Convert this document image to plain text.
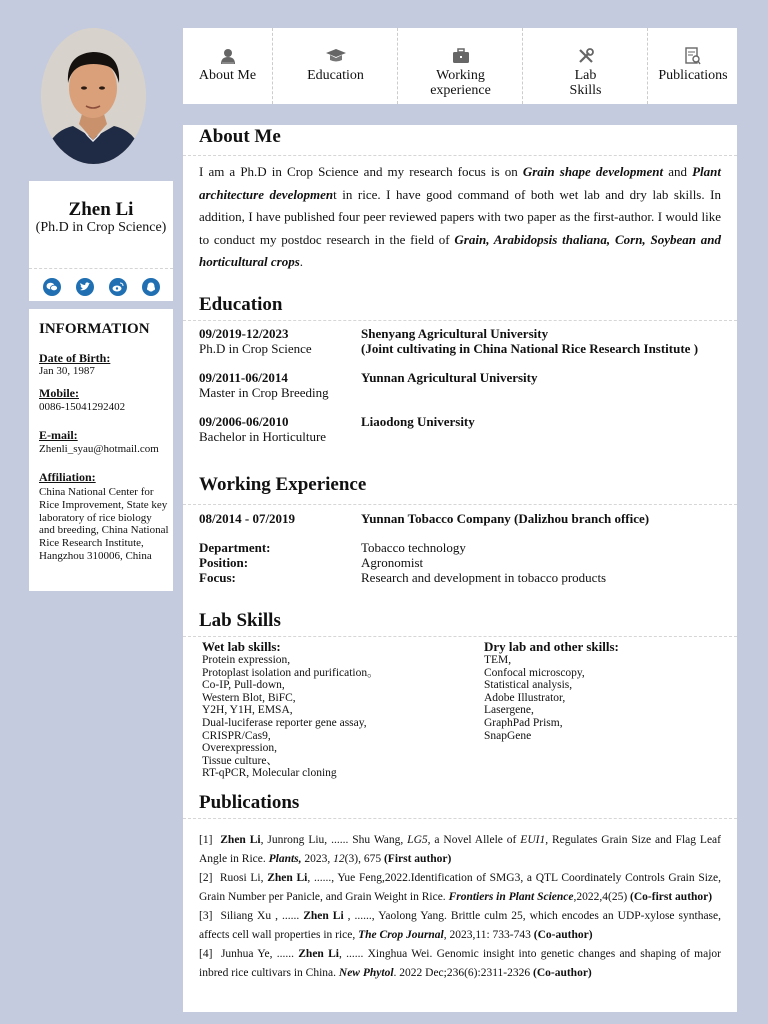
Zhen Li
(Ph.D in Crop Science)
INFORMATION
Date of Birth:
Jan 30, 1987
Mobile:
0086-15041292402
E-mail:
Zhenli_syau@hotmail.com
Affiliation:
China National Center for Rice Improvement, State key laboratory of rice biology and breeding, China National Rice Research Institute, Hangzhou 310006, China
About Me	Education	Working
experience
Lab
Skills
Publications
About Me
I am a Ph.D in Crop Science and my research focus is on Grain shape development and Plant architecture development in rice. I have good command of both wet lab and dry lab skills. In addition, I have published four peer reviewed papers with two paper as the first-author. I would like to conduct my postdoc research in the field of Grain, Arabidopsis thaliana, Corn, Soybean and horticultural crops.
Education
09/2019-12/2023
Ph.D in Crop Science
Shenyang Agricultural University
(Joint cultivating in China National Rice Research Institute )
09/2011-06/2014
Master in Crop Breeding
Yunnan Agricultural University
09/2006-06/2010
Bachelor in Horticulture
Liaodong University
Working Experience
08/2014 - 07/2019	Yunnan Tobacco Company (Dalizhou branch office)
Department:	Tobacco technology
Position:	Agronomist
Focus:	Research and development in tobacco products
Lab Skills
Wet lab skills:
Protein expression,
Protoplast isolation and purification。
Co-IP, Pull-down,
Western Blot, BiFC,
Y2H, Y1H, EMSA,
Dual-luciferase reporter gene assay,
CRISPR/Cas9,
Overexpression,
Tissue culture、
RT-qPCR, Molecular cloning
Dry lab and other skills:
TEM,
Confocal microscopy,
Statistical analysis,
Adobe Illustrator,
Lasergene,
GraphPad Prism,
SnapGene
Publications

[1] Zhen Li, Junrong Liu, ...... Shu Wang, LG5, a Novel Allele of EUI1, Regulates Grain Size and Flag Leaf Angle in Rice. Plants, 2023, 12(3), 675 (First author)

[2] Ruosi Li, Zhen Li, ......, Yue Feng,2022.Identification of SMG3, a QTL Coordinately Controls Grain Size, Grain Number per Panicle, and Grain Weight in Rice. Frontiers in Plant Science,2022,4(25) (Co-first author)

[3] Siliang Xu , ...... Zhen Li , ......, Yaolong Yang. Brittle culm 25, which encodes an UDP-xylose synthase, affects cell wall properties in rice, The Crop Journal, 2023,11: 733-743 (Co-author)

[4] Junhua Ye, ...... Zhen Li, ...... Xinghua Wei. Genomic insight into genetic changes and shaping of major inbred rice cultivars in China. New Phytol. 2022 Dec;236(6):2311-2326 (Co-author)
